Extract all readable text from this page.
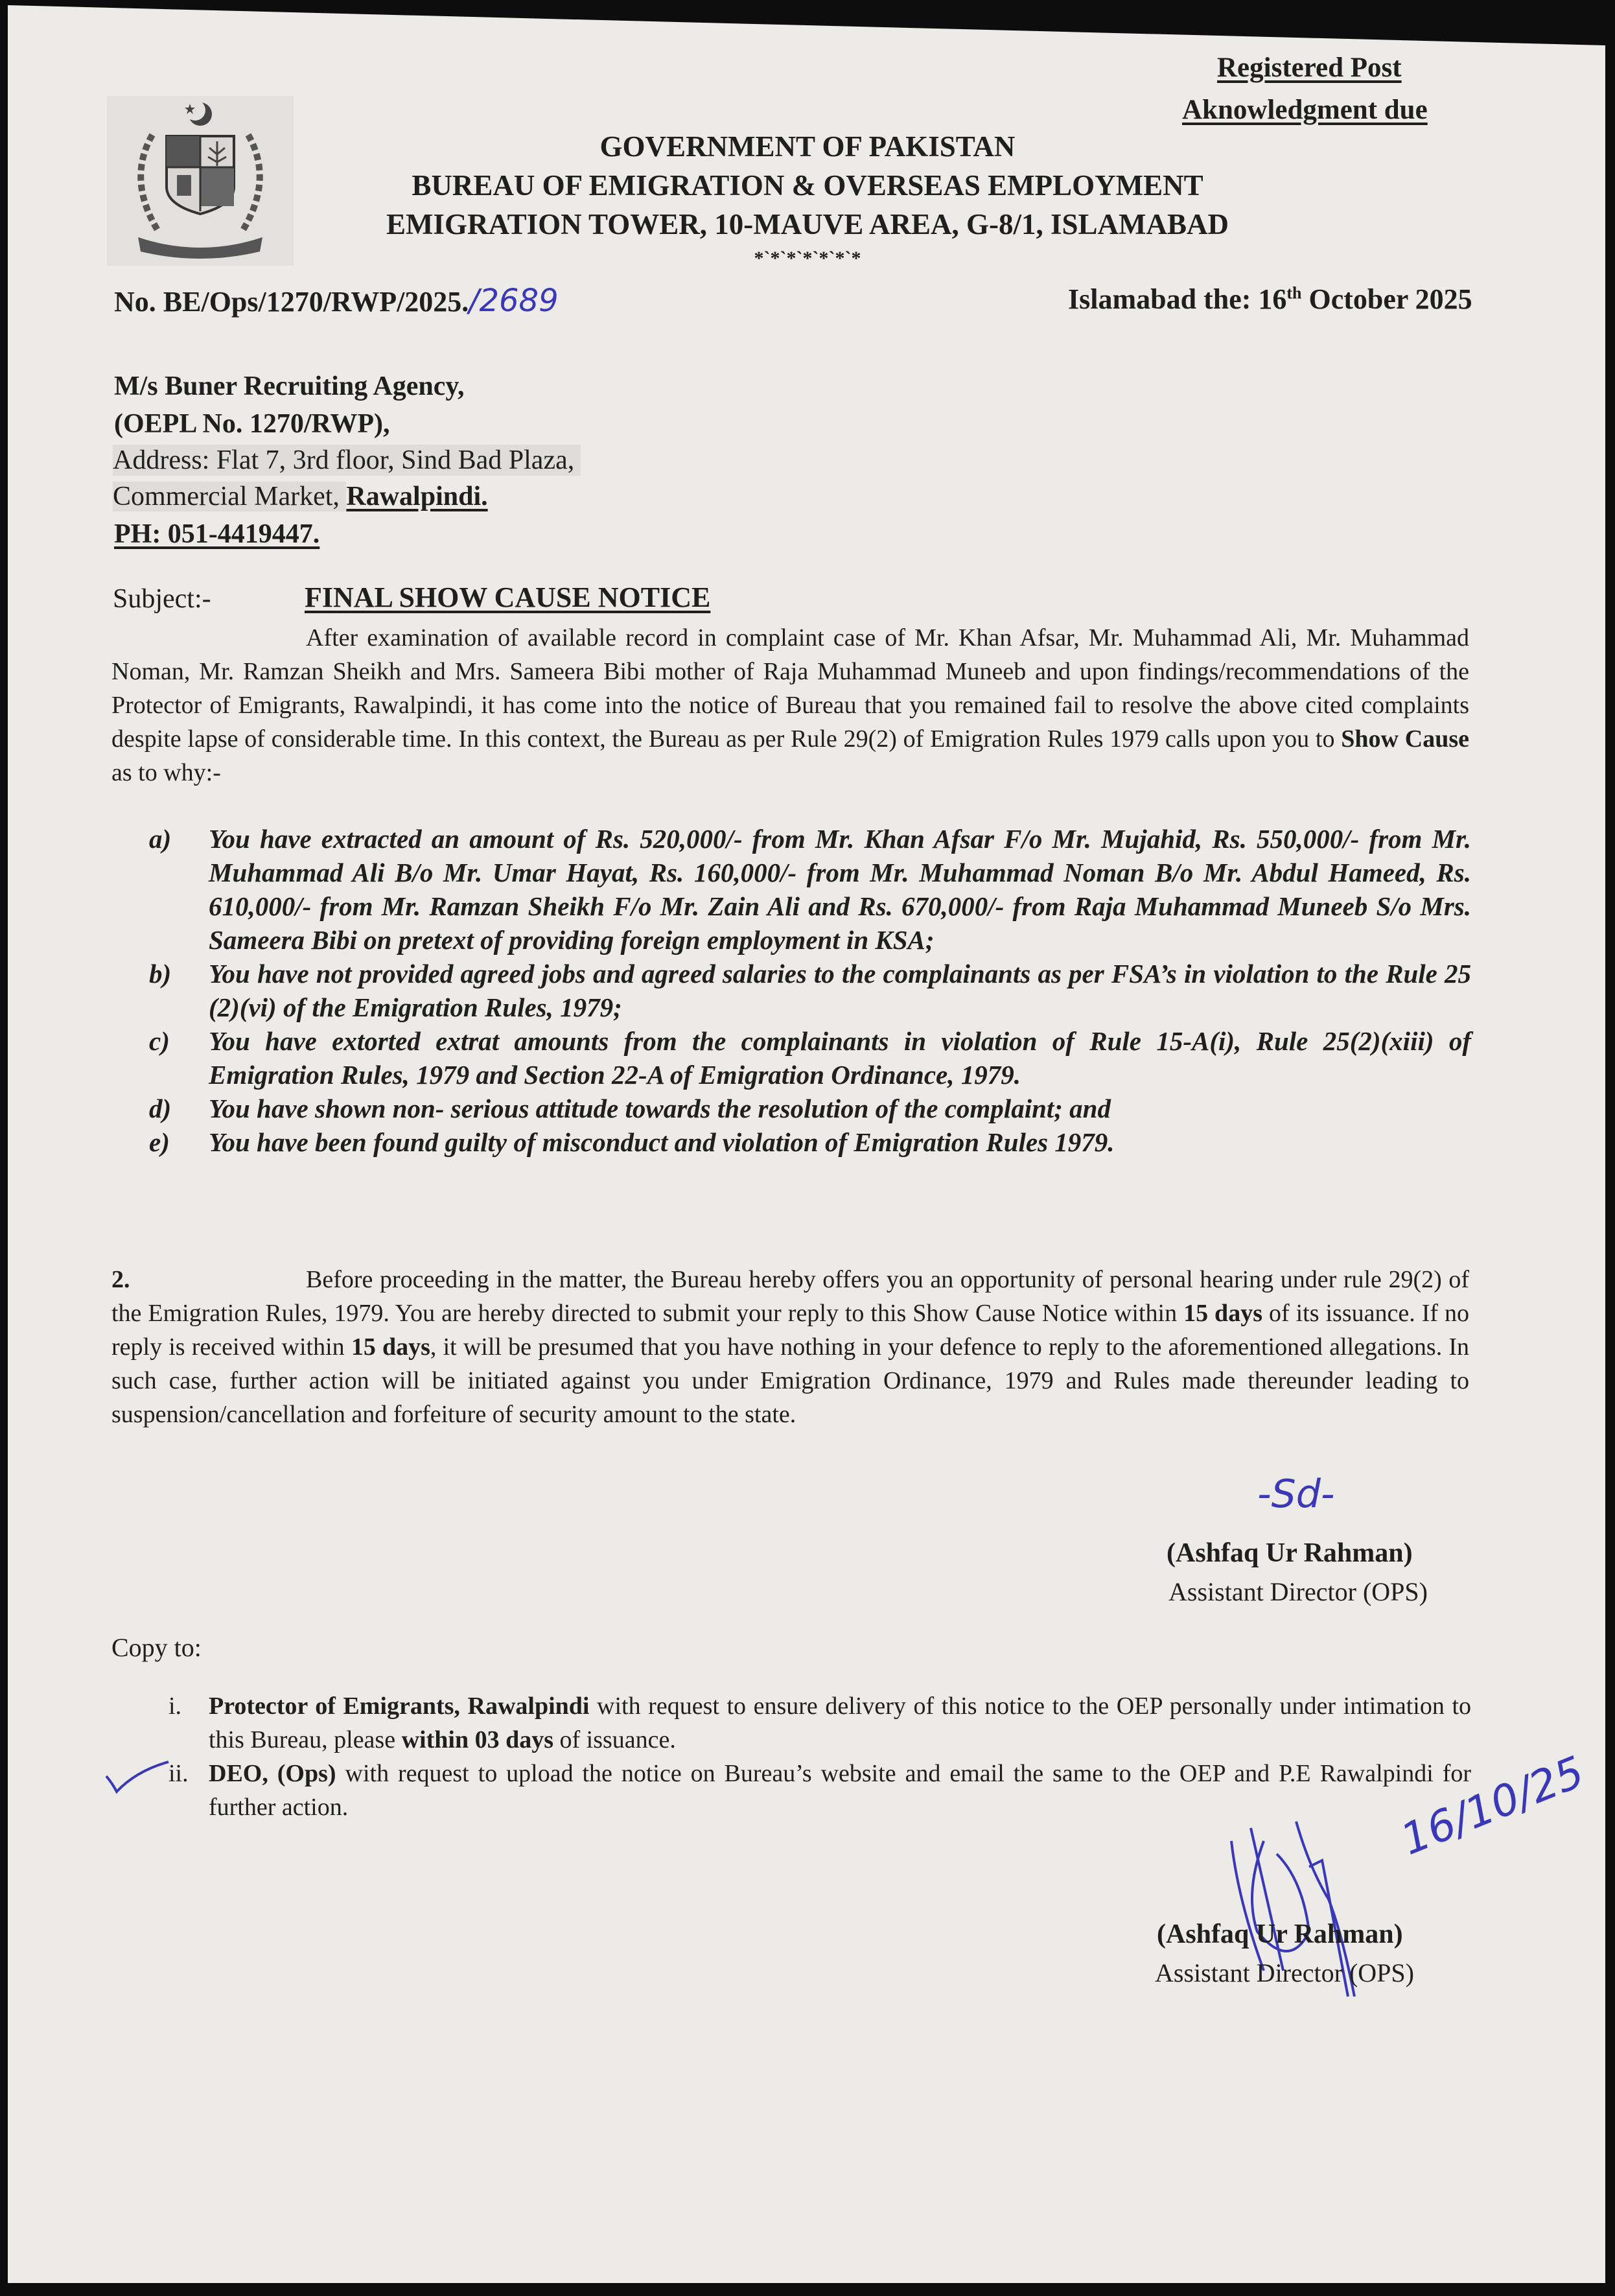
Registered Post
Aknowledgment due
GOVERNMENT OF PAKISTAN
BUREAU OF EMIGRATION & OVERSEAS EMPLOYMENT
EMIGRATION TOWER, 10-MAUVE AREA, G-8/1, ISLAMABAD
*`*`*`*`*`*`*
No. BE/Ops/1270/RWP/2025./2689	Islamabad the: 16th October 2025
M/s Buner Recruiting Agency,
(OEPL No. 1270/RWP),
Address: Flat 7, 3rd floor, Sind Bad Plaza,
Commercial Market, Rawalpindi.
PH: 051-4419447.
Subject:-	FINAL SHOW CAUSE NOTICE
After examination of available record in complaint case of Mr. Khan Afsar, Mr. Muhammad Ali, Mr. Muhammad Noman, Mr. Ramzan Sheikh and Mrs. Sameera Bibi mother of Raja Muhammad Muneeb and upon findings/recommendations of the Protector of Emigrants, Rawalpindi, it has come into the notice of Bureau that you remained fail to resolve the above cited complaints despite lapse of considerable time. In this context, the Bureau as per Rule 29(2) of Emigration Rules 1979 calls upon you to Show Cause as to why:-
a)	You have extracted an amount of Rs. 520,000/- from Mr. Khan Afsar F/o Mr. Mujahid, Rs. 550,000/- from Mr. Muhammad Ali B/o Mr. Umar Hayat, Rs. 160,000/- from Mr. Muhammad Noman B/o Mr. Abdul Hameed, Rs. 610,000/- from Mr. Ramzan Sheikh F/o Mr. Zain Ali and Rs. 670,000/- from Raja Muhammad Muneeb S/o Mrs. Sameera Bibi on pretext of providing foreign employment in KSA;
b)	You have not provided agreed jobs and agreed salaries to the complainants as per FSA’s in violation to the Rule 25 (2)(vi) of the Emigration Rules, 1979;
c)	You have extorted extrat amounts from the complainants in violation of Rule 15-A(i), Rule 25(2)(xiii) of Emigration Rules, 1979 and Section 22-A of Emigration Ordinance, 1979.
d)	You have shown non- serious attitude towards the resolution of the complaint; and
e)	You have been found guilty of misconduct and violation of Emigration Rules 1979.
2.	Before proceeding in the matter, the Bureau hereby offers you an opportunity of personal hearing under rule 29(2) of the Emigration Rules, 1979. You are hereby directed to submit your reply to this Show Cause Notice within 15 days of its issuance. If no reply is received within 15 days, it will be presumed that you have nothing in your defence to reply to the aforementioned allegations. In such case, further action will be initiated against you under Emigration Ordinance, 1979 and Rules made thereunder leading to suspension/cancellation and forfeiture of security amount to the state.
-Sd-
(Ashfaq Ur Rahman)
Assistant Director (OPS)
Copy to:
i.	Protector of Emigrants, Rawalpindi with request to ensure delivery of this notice to the OEP personally under intimation to this Bureau, please within 03 days of issuance.
ii. DEO, (Ops) with request to upload the notice on Bureau’s website and email the same to the OEP and P.E Rawalpindi for further action.	16/10/25
(Ashfaq Ur Rahman)
Assistant Director (OPS)
